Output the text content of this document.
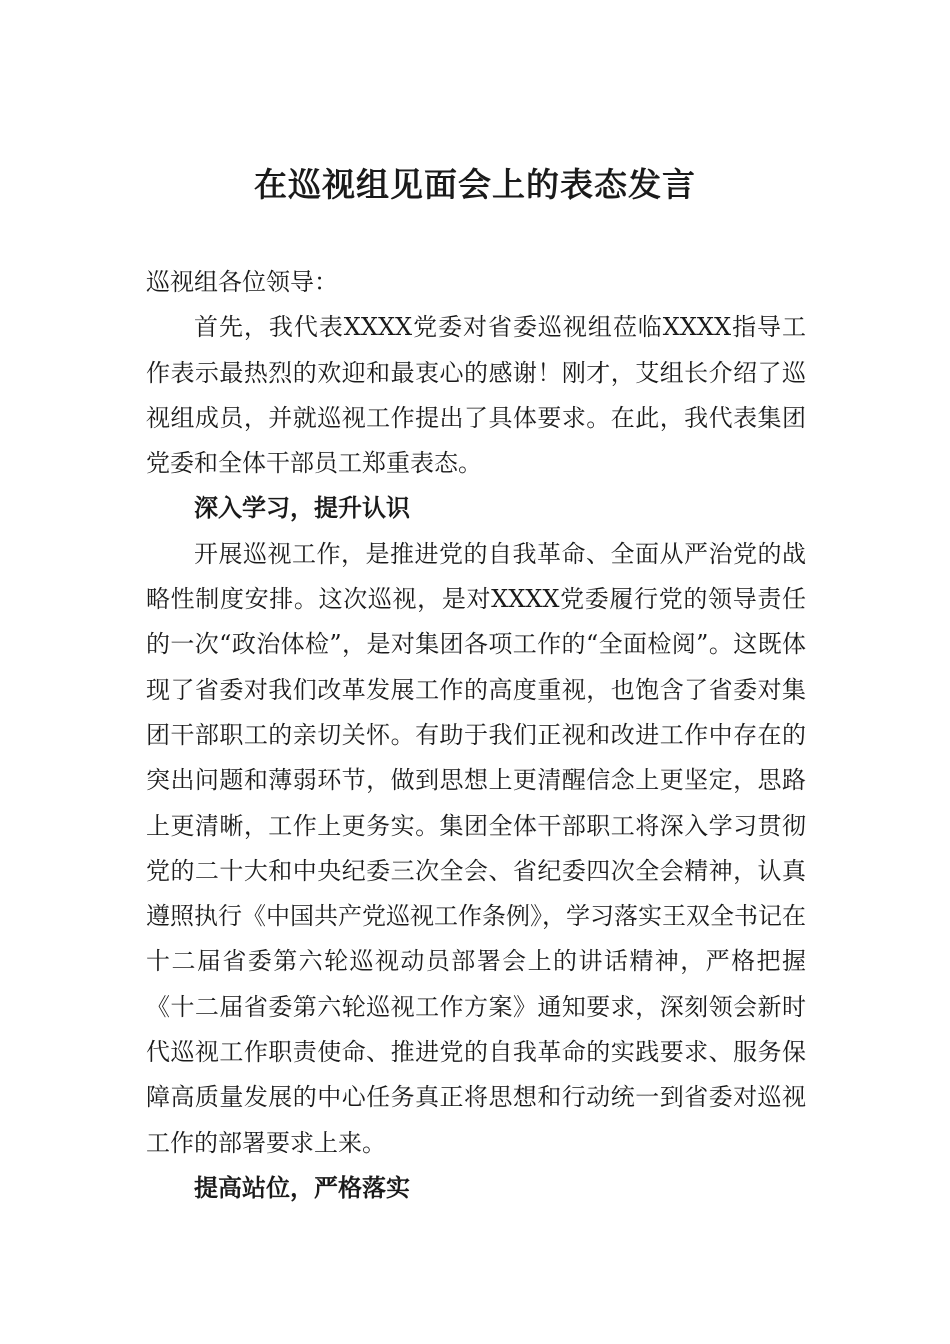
在巡视组见面会上的表态发言

巡视组各位领导：

首先，我代表XXXX党委对省委巡视组莅临XXXX指导工作表示最热烈的欢迎和最衷心的感谢！刚才，艾组长介绍了巡视组成员，并就巡视工作提出了具体要求。在此，我代表集团党委和全体干部员工郑重表态。

深入学习，提升认识

开展巡视工作，是推进党的自我革命、全面从严治党的战略性制度安排。这次巡视，是对XXXX党委履行党的领导责任的一次“政治体检”，是对集团各项工作的“全面检阅”。这既体现了省委对我们改革发展工作的高度重视，也饱含了省委对集团干部职工的亲切关怀。有助于我们正视和改进工作中存在的突出问题和薄弱环节，做到思想上更清醒信念上更坚定，思路上更清晰，工作上更务实。集团全体干部职工将深入学习贯彻党的二十大和中央纪委三次全会、省纪委四次全会精神，认真遵照执行《中国共产党巡视工作条例》，学习落实王双全书记在十二届省委第六轮巡视动员部署会上的讲话精神，严格把握《十二届省委第六轮巡视工作方案》通知要求，深刻领会新时代巡视工作职责使命、推进党的自我革命的实践要求、服务保障高质量发展的中心任务真正将思想和行动统一到省委对巡视工作的部署要求上来。

提高站位，严格落实
